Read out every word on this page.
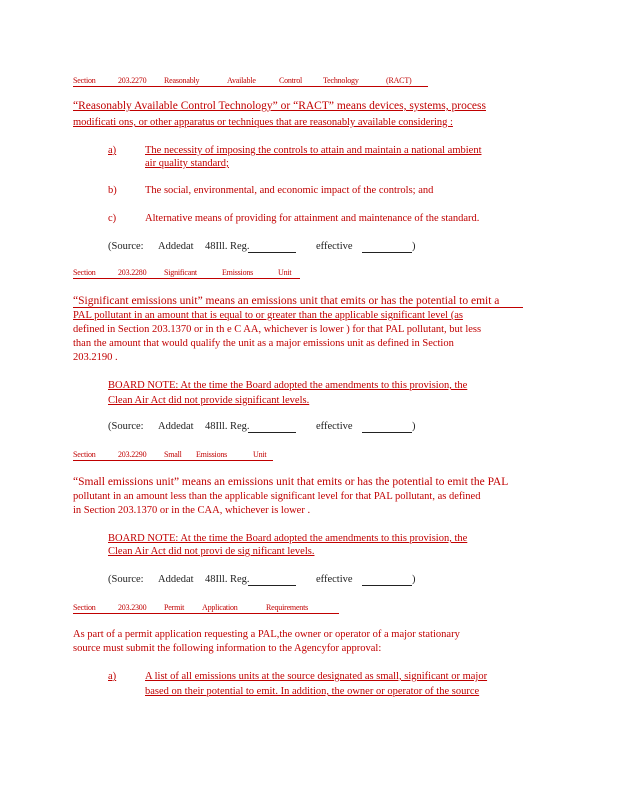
Section	203.2270 Reasonably	Available	Control	Technology	(RACT)
“Reasonably Available Control Technology” or “RACT” means devices, systems, process
modificati ons, or other apparatus or techniques that are reasonably available considering :
a)	The necessity of imposing the controls to attain and maintain a national ambient
air quality standard;
b)	The social, environmental, and economic impact of the controls; and
c)	Alternative means of providing for attainment and maintenance of the standard.
(Source: Addedat 48Ill. Reg.	effective	)
Section	203.2280 Significant	Emissions	Unit
“Significant emissions unit” means an emissions unit that emits or has the potential to emit a
PAL pollutant in an amount that is equal to or greater than the applicable significant level (as
defined in Section 203.1370 or in th e C AA, whichever is lower ) for that PAL pollutant, but less
than the amount that would qualify the unit as a major emissions unit as defined in Section
203.2190 .
BOARD NOTE: At the time the Board adopted the amendments to this provision, the
Clean Air Act did not provide significant levels.
(Source: Addedat 48Ill. Reg.	effective	)
Section	203.2290 Small Emissions	Unit
“Small emissions unit” means an emissions unit that emits or has the potential to emit the PAL
pollutant in an amount less than the applicable significant level for that PAL pollutant, as defined
in Section 203.1370 or in the CAA, whichever is lower .
BOARD NOTE: At the time the Board adopted the amendments to this provision, the
Clean Air Act did not provi de sig nificant levels.
(Source: Addedat 48Ill. Reg.	effective	)
Section	203.2300 Permit Application	Requirements
As part of a permit application requesting a PAL,the owner or operator of a major stationary
source must submit the following information to the Agencyfor approval:
a)	A list of all emissions units at the source designated as small, significant or major
based on their potential to emit. In addition, the owner or operator of the source
